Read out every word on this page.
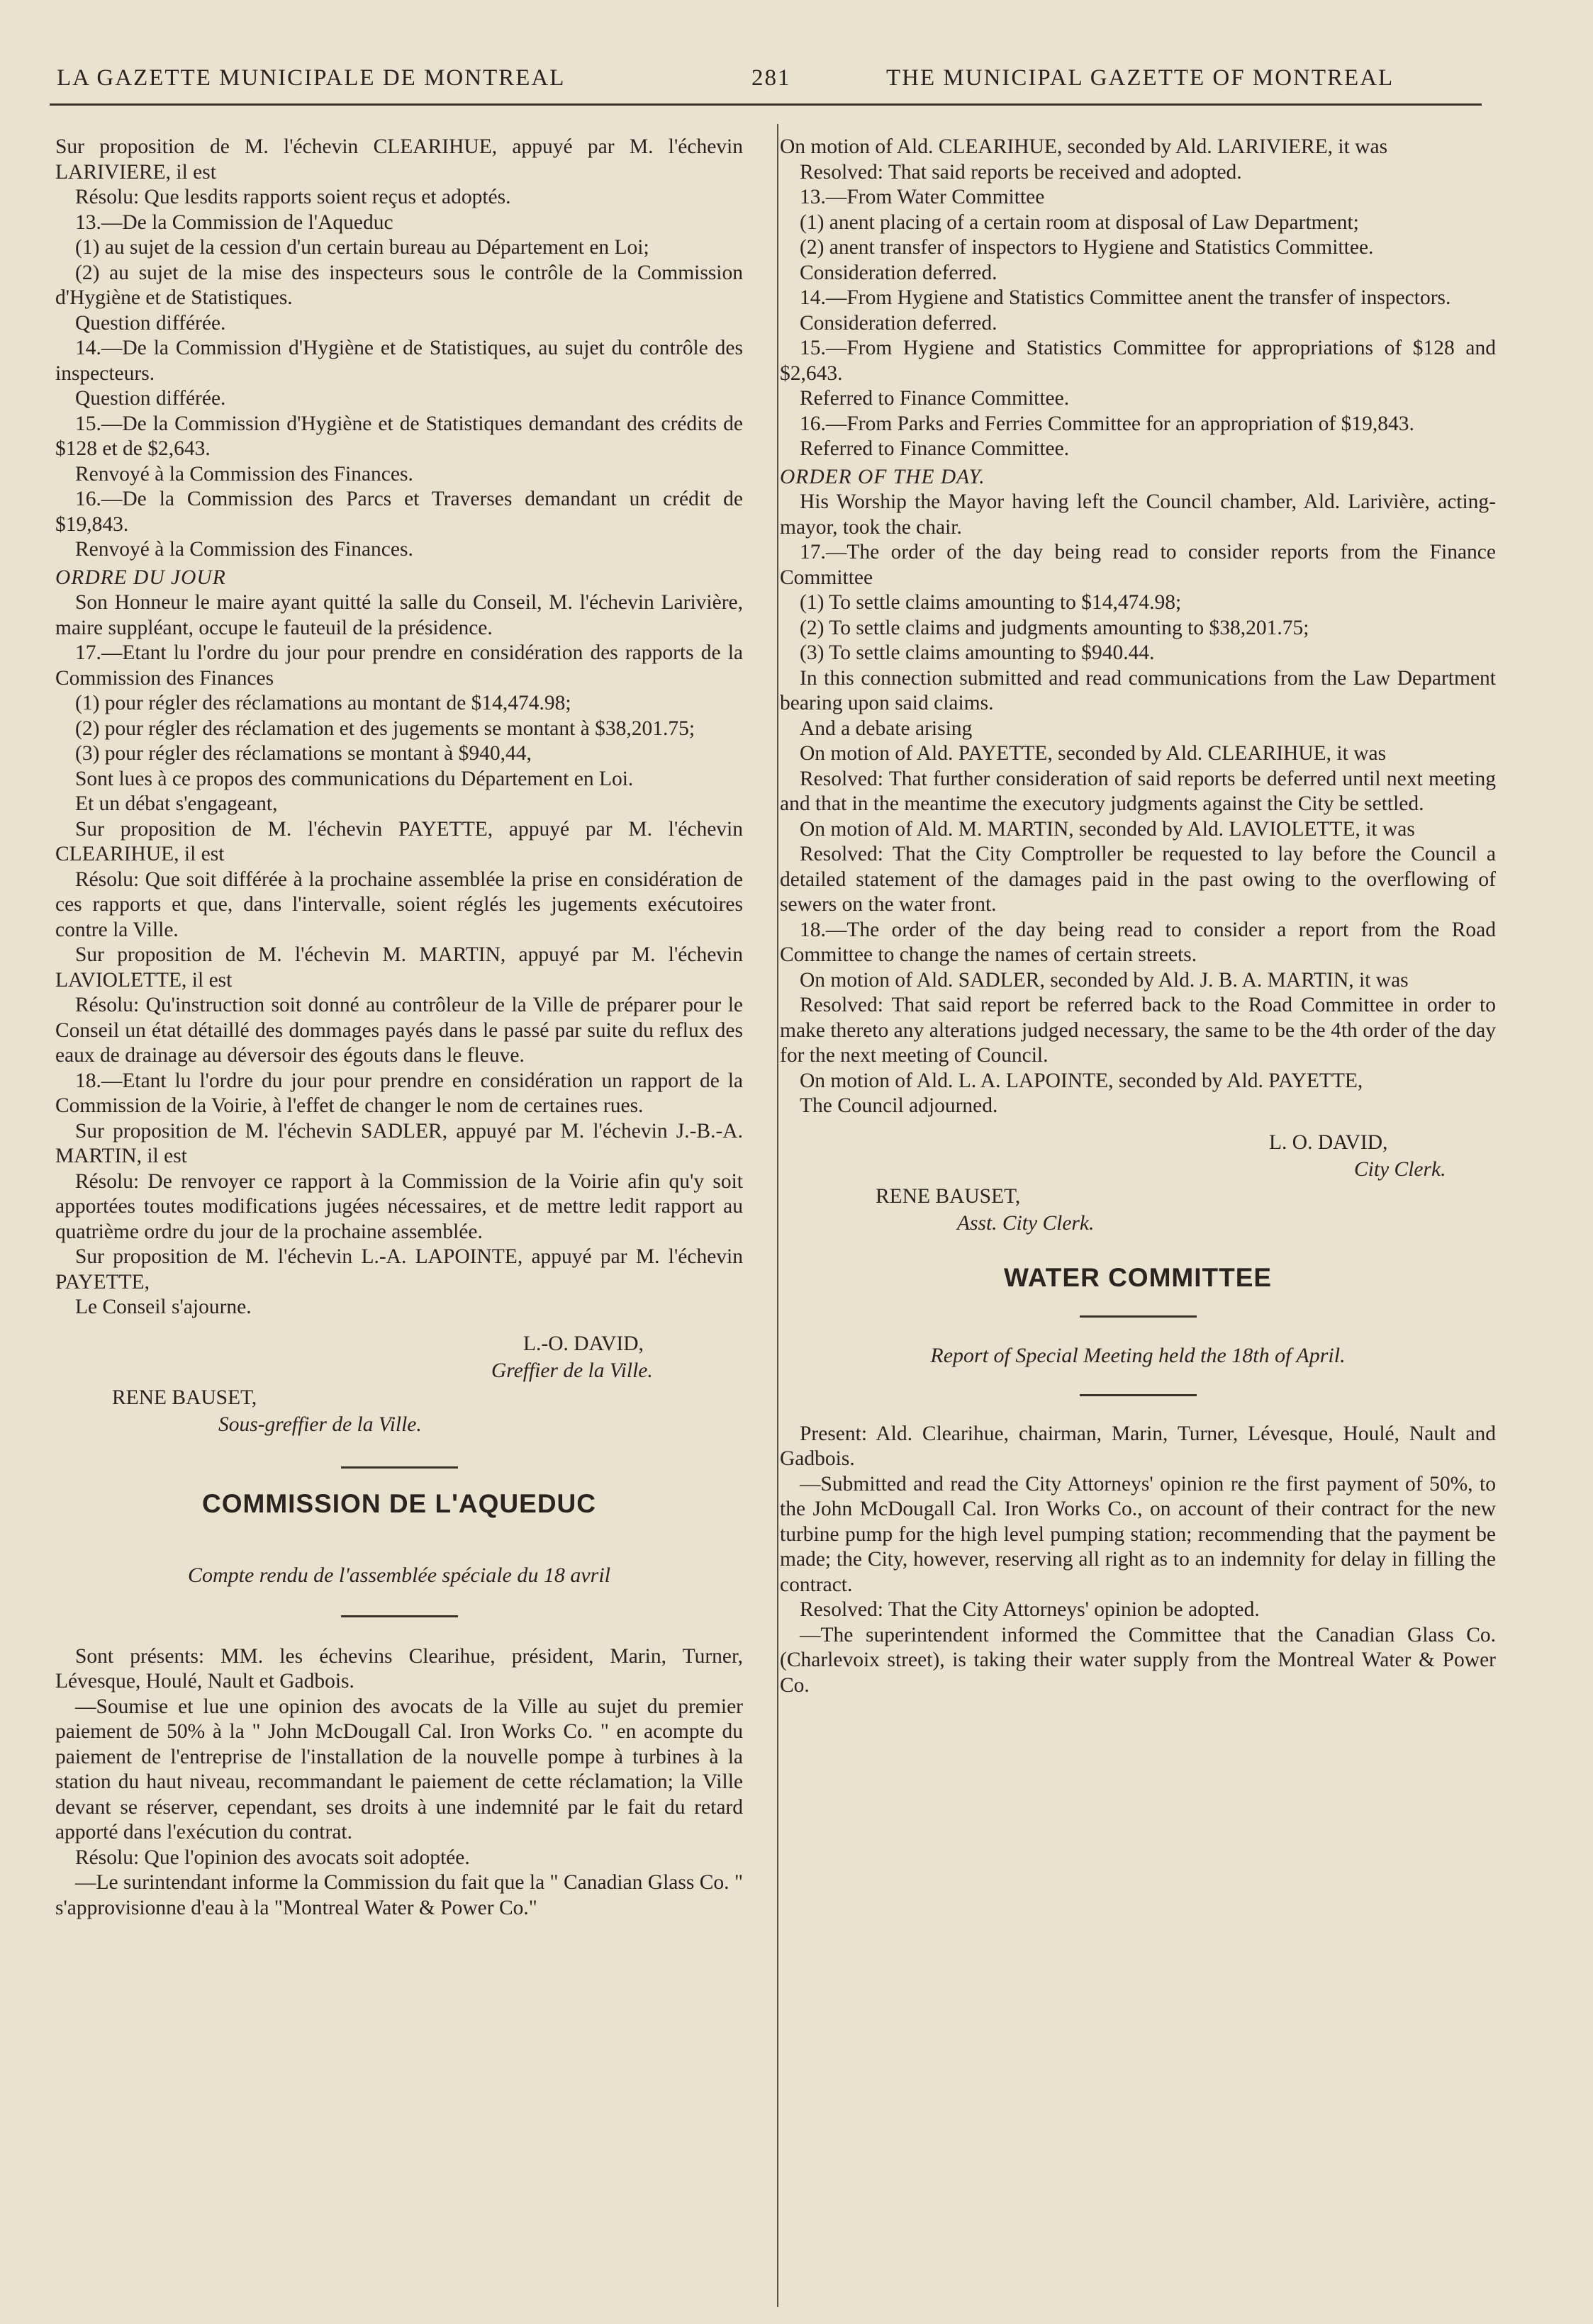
LA GAZETTE MUNICIPALE DE MONTREAL	281	THE MUNICIPAL GAZETTE OF MONTREAL

Sur proposition de M. l'échevin CLEARIHUE, appuyé par M. l'échevin LARIVIERE, il est

Résolu: Que lesdits rapports soient reçus et adoptés.

13.—De la Commission de l'Aqueduc

(1) au sujet de la cession d'un certain bureau au Département en Loi;

(2) au sujet de la mise des inspecteurs sous le contrôle de la Commission d'Hygiène et de Statistiques.

Question différée.

14.—De la Commission d'Hygiène et de Statistiques, au sujet du contrôle des inspecteurs.

Question différée.

15.—De la Commission d'Hygiène et de Statistiques demandant des crédits de $128 et de $2,643.

Renvoyé à la Commission des Finances.

16.—De la Commission des Parcs et Traverses demandant un crédit de $19,843.

Renvoyé à la Commission des Finances.

ORDRE DU JOUR

Son Honneur le maire ayant quitté la salle du Conseil, M. l'échevin Larivière, maire suppléant, occupe le fauteuil de la présidence.

17.—Etant lu l'ordre du jour pour prendre en considération des rapports de la Commission des Finances

(1) pour régler des réclamations au montant de $14,474.98;

(2) pour régler des réclamation et des jugements se montant à $38,201.75;

(3) pour régler des réclamations se montant à $940,44,

Sont lues à ce propos des communications du Département en Loi.

Et un débat s'engageant,

Sur proposition de M. l'échevin PAYETTE, appuyé par M. l'échevin CLEARIHUE, il est

Résolu: Que soit différée à la prochaine assemblée la prise en considération de ces rapports et que, dans l'intervalle, soient réglés les jugements exécutoires contre la Ville.

Sur proposition de M. l'échevin M. MARTIN, appuyé par M. l'échevin LAVIOLETTE, il est

Résolu: Qu'instruction soit donné au contrôleur de la Ville de préparer pour le Conseil un état détaillé des dommages payés dans le passé par suite du reflux des eaux de drainage au déversoir des égouts dans le fleuve.

18.—Etant lu l'ordre du jour pour prendre en considération un rapport de la Commission de la Voirie, à l'effet de changer le nom de certaines rues.

Sur proposition de M. l'échevin SADLER, appuyé par M. l'échevin J.-B.-A. MARTIN, il est

Résolu: De renvoyer ce rapport à la Commission de la Voirie afin qu'y soit apportées toutes modifications jugées nécessaires, et de mettre ledit rapport au quatrième ordre du jour de la prochaine assemblée.

Sur proposition de M. l'échevin L.-A. LAPOINTE, appuyé par M. l'échevin PAYETTE,

Le Conseil s'ajourne.

L.-O. DAVID,
Greffier de la Ville.
RENE BAUSET,
Sous-greffier de la Ville.
COMMISSION DE L'AQUEDUC
Compte rendu de l'assemblée spéciale du 18 avril

Sont présents: MM. les échevins Clearihue, président, Marin, Turner, Lévesque, Houlé, Nault et Gadbois.

—Soumise et lue une opinion des avocats de la Ville au sujet du premier paiement de 50% à la " John McDougall Cal. Iron Works Co. " en acompte du paiement de l'entreprise de l'installation de la nouvelle pompe à turbines à la station du haut niveau, recommandant le paiement de cette réclamation; la Ville devant se réserver, cependant, ses droits à une indemnité par le fait du retard apporté dans l'exécution du contrat.

Résolu: Que l'opinion des avocats soit adoptée.

—Le surintendant informe la Commission du fait que la " Canadian Glass Co. " s'approvisionne d'eau à la "Montreal Water & Power Co."

On motion of Ald. CLEARIHUE, seconded by Ald. LARIVIERE, it was

Resolved: That said reports be received and adopted.

13.—From Water Committee

(1) anent placing of a certain room at disposal of Law Department;

(2) anent transfer of inspectors to Hygiene and Statistics Committee.

Consideration deferred.

14.—From Hygiene and Statistics Committee anent the transfer of inspectors.

Consideration deferred.

15.—From Hygiene and Statistics Committee for appropriations of $128 and $2,643.

Referred to Finance Committee.

16.—From Parks and Ferries Committee for an appropriation of $19,843.

Referred to Finance Committee.

ORDER OF THE DAY.

His Worship the Mayor having left the Council chamber, Ald. Larivière, acting-mayor, took the chair.

17.—The order of the day being read to consider reports from the Finance Committee

(1) To settle claims amounting to $14,474.98;

(2) To settle claims and judgments amounting to $38,201.75;

(3) To settle claims amounting to $940.44.

In this connection submitted and read communications from the Law Department bearing upon said claims.

And a debate arising

On motion of Ald. PAYETTE, seconded by Ald. CLEARIHUE, it was

Resolved: That further consideration of said reports be deferred until next meeting and that in the meantime the executory judgments against the City be settled.

On motion of Ald. M. MARTIN, seconded by Ald. LAVIOLETTE, it was

Resolved: That the City Comptroller be requested to lay before the Council a detailed statement of the damages paid in the past owing to the overflowing of sewers on the water front.

18.—The order of the day being read to consider a report from the Road Committee to change the names of certain streets.

On motion of Ald. SADLER, seconded by Ald. J. B. A. MARTIN, it was

Resolved: That said report be referred back to the Road Committee in order to make thereto any alterations judged necessary, the same to be the 4th order of the day for the next meeting of Council.

On motion of Ald. L. A. LAPOINTE, seconded by Ald. PAYETTE,

The Council adjourned.

L. O. DAVID,
City Clerk.
RENE BAUSET,
Asst. City Clerk.
WATER COMMITTEE
Report of Special Meeting held the 18th of April.

Present: Ald. Clearihue, chairman, Marin, Turner, Lévesque, Houlé, Nault and Gadbois.

—Submitted and read the City Attorneys' opinion re the first payment of 50%, to the John McDougall Cal. Iron Works Co., on account of their contract for the new turbine pump for the high level pumping station; recommending that the payment be made; the City, however, reserving all right as to an indemnity for delay in filling the contract.

Resolved: That the City Attorneys' opinion be adopted.

—The superintendent informed the Committee that the Canadian Glass Co. (Charlevoix street), is taking their water supply from the Montreal Water & Power Co.
